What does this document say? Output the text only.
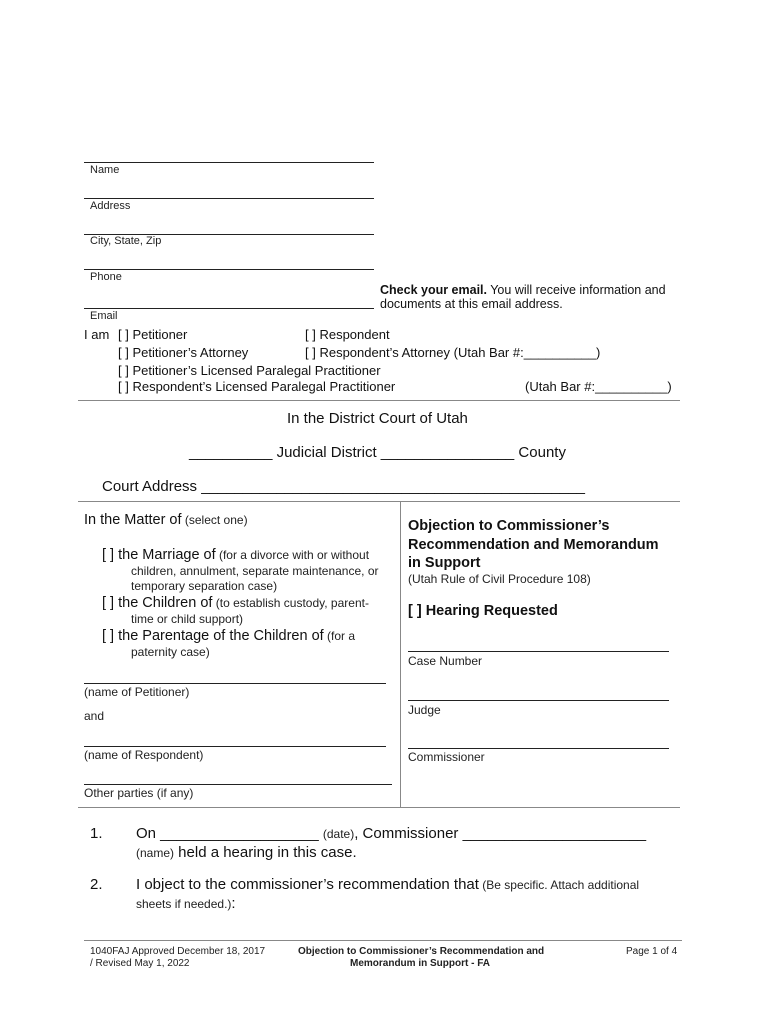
Name
Address
City, State, Zip
Phone
Check your email. You will receive information and
documents at this email address.
Email
I am [ ] Petitioner	[ ] Respondent
[ ] Petitioner’s Attorney	[ ] Respondent’s Attorney (Utah Bar #:__________)
[ ] Petitioner’s Licensed Paralegal Practitioner
[ ] Respondent’s Licensed Paralegal Practitioner	(Utah Bar #:__________)
In the District Court of Utah
__________ Judicial District ________________ County
Court Address ______________________________________________
In the Matter of (select one)
[ ] the Marriage of (for a divorce with or without
children, annulment, separate maintenance, or
temporary separation case)
[ ] the Children of (to establish custody, parent-
time or child support)
[ ] the Parentage of the Children of (for a
paternity case)
(name of Petitioner)
and
(name of Respondent)
Other parties (if any)
Objection to Commissioner’s
Recommendation and Memorandum
in Support
(Utah Rule of Civil Procedure 108)
[ ] Hearing Requested
Case Number
Judge
Commissioner
1. On ___________________ (date), Commissioner ______________________
(name) held a hearing in this case.
2. I object to the commissioner’s recommendation that (Be specific. Attach additional
sheets if needed.):
1040FAJ Approved December 18, 2017
/ Revised May 1, 2022
Objection to Commissioner’s Recommendation and
Memorandum in Support - FA
Page 1 of 4
